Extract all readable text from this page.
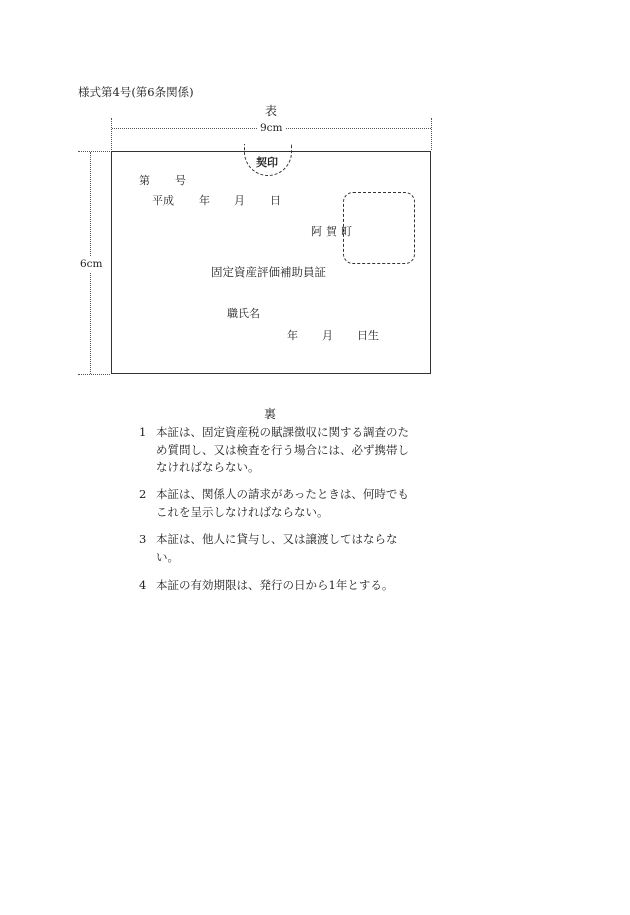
様式第4号(第6条関係)
表
9cm
6cm
契印
第 号
平成 年 月 日
阿賀町
固定資産評価補助員証
職氏名
年 月 日生
裏
1 本証は、固定資産税の賦課徴収に関する調査のため質問し、又は検査を行う場合には、必ず携帯しなければならない。
2 本証は、関係人の請求があったときは、何時でもこれを呈示しなければならない。
3 本証は、他人に貸与し、又は譲渡してはならない。
4 本証の有効期限は、発行の日から1年とする。
